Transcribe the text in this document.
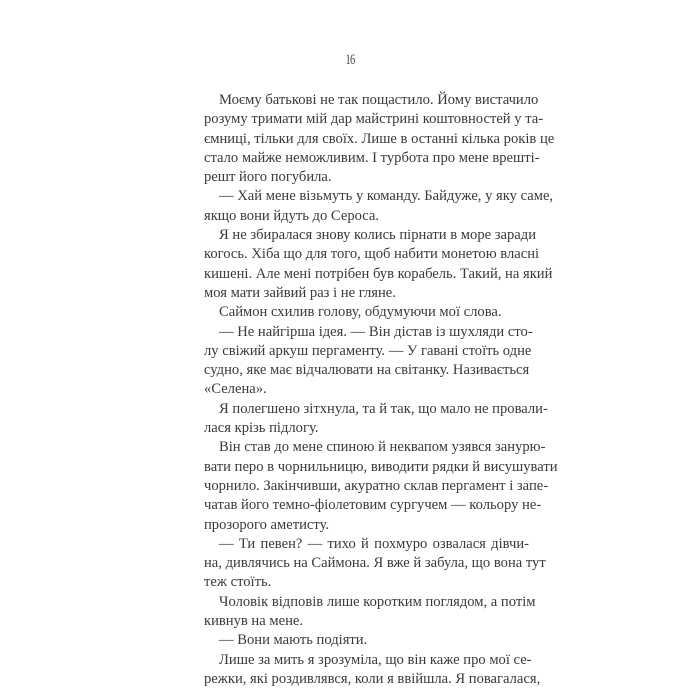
16
Моєму батькові не так пощастило. Йому вистачило
розуму тримати мій дар майстрині коштовностей у та-
ємниці, тільки для своїх. Лише в останні кілька років це
стало майже неможливим. І турбота про мене врешті-
решт його погубила.
— Хай мене візьмуть у команду. Байдуже, у яку саме,
якщо вони йдуть до Сероса.
Я не збиралася знову колись пірнати в море заради
когось. Хіба що для того, щоб набити монетою власні
кишені. Але мені потрібен був корабель. Такий, на який
моя мати зайвий раз і не гляне.
Саймон схилив голову, обдумуючи мої слова.
— Не найгірша ідея. — Він дістав із шухляди сто-
лу свіжий аркуш пергаменту. — У гавані стоїть одне
судно, яке має відчалювати на світанку. Називається
«Селена».
Я полегшено зітхнула, та й так, що мало не провали-
лася крізь підлогу.
Він став до мене спиною й неквапом узявся занурю-
вати перо в чорнильницю, виводити рядки й висушувати
чорнило. Закінчивши, акуратно склав пергамент і запе-
чатав його темно-фіолетовим сургучем — кольору не-
прозорого аметисту.
— Ти певен? — тихо й похмуро озвалася дівчи-
на, дивлячись на Саймона. Я вже й забула, що вона тут
теж стоїть.
Чоловік відповів лише коротким поглядом, а потім
кивнув на мене.
— Вони мають подіяти.
Лише за мить я зрозуміла, що він каже про мої се-
режки, які роздивлявся, коли я ввійшла. Я повагалася,
